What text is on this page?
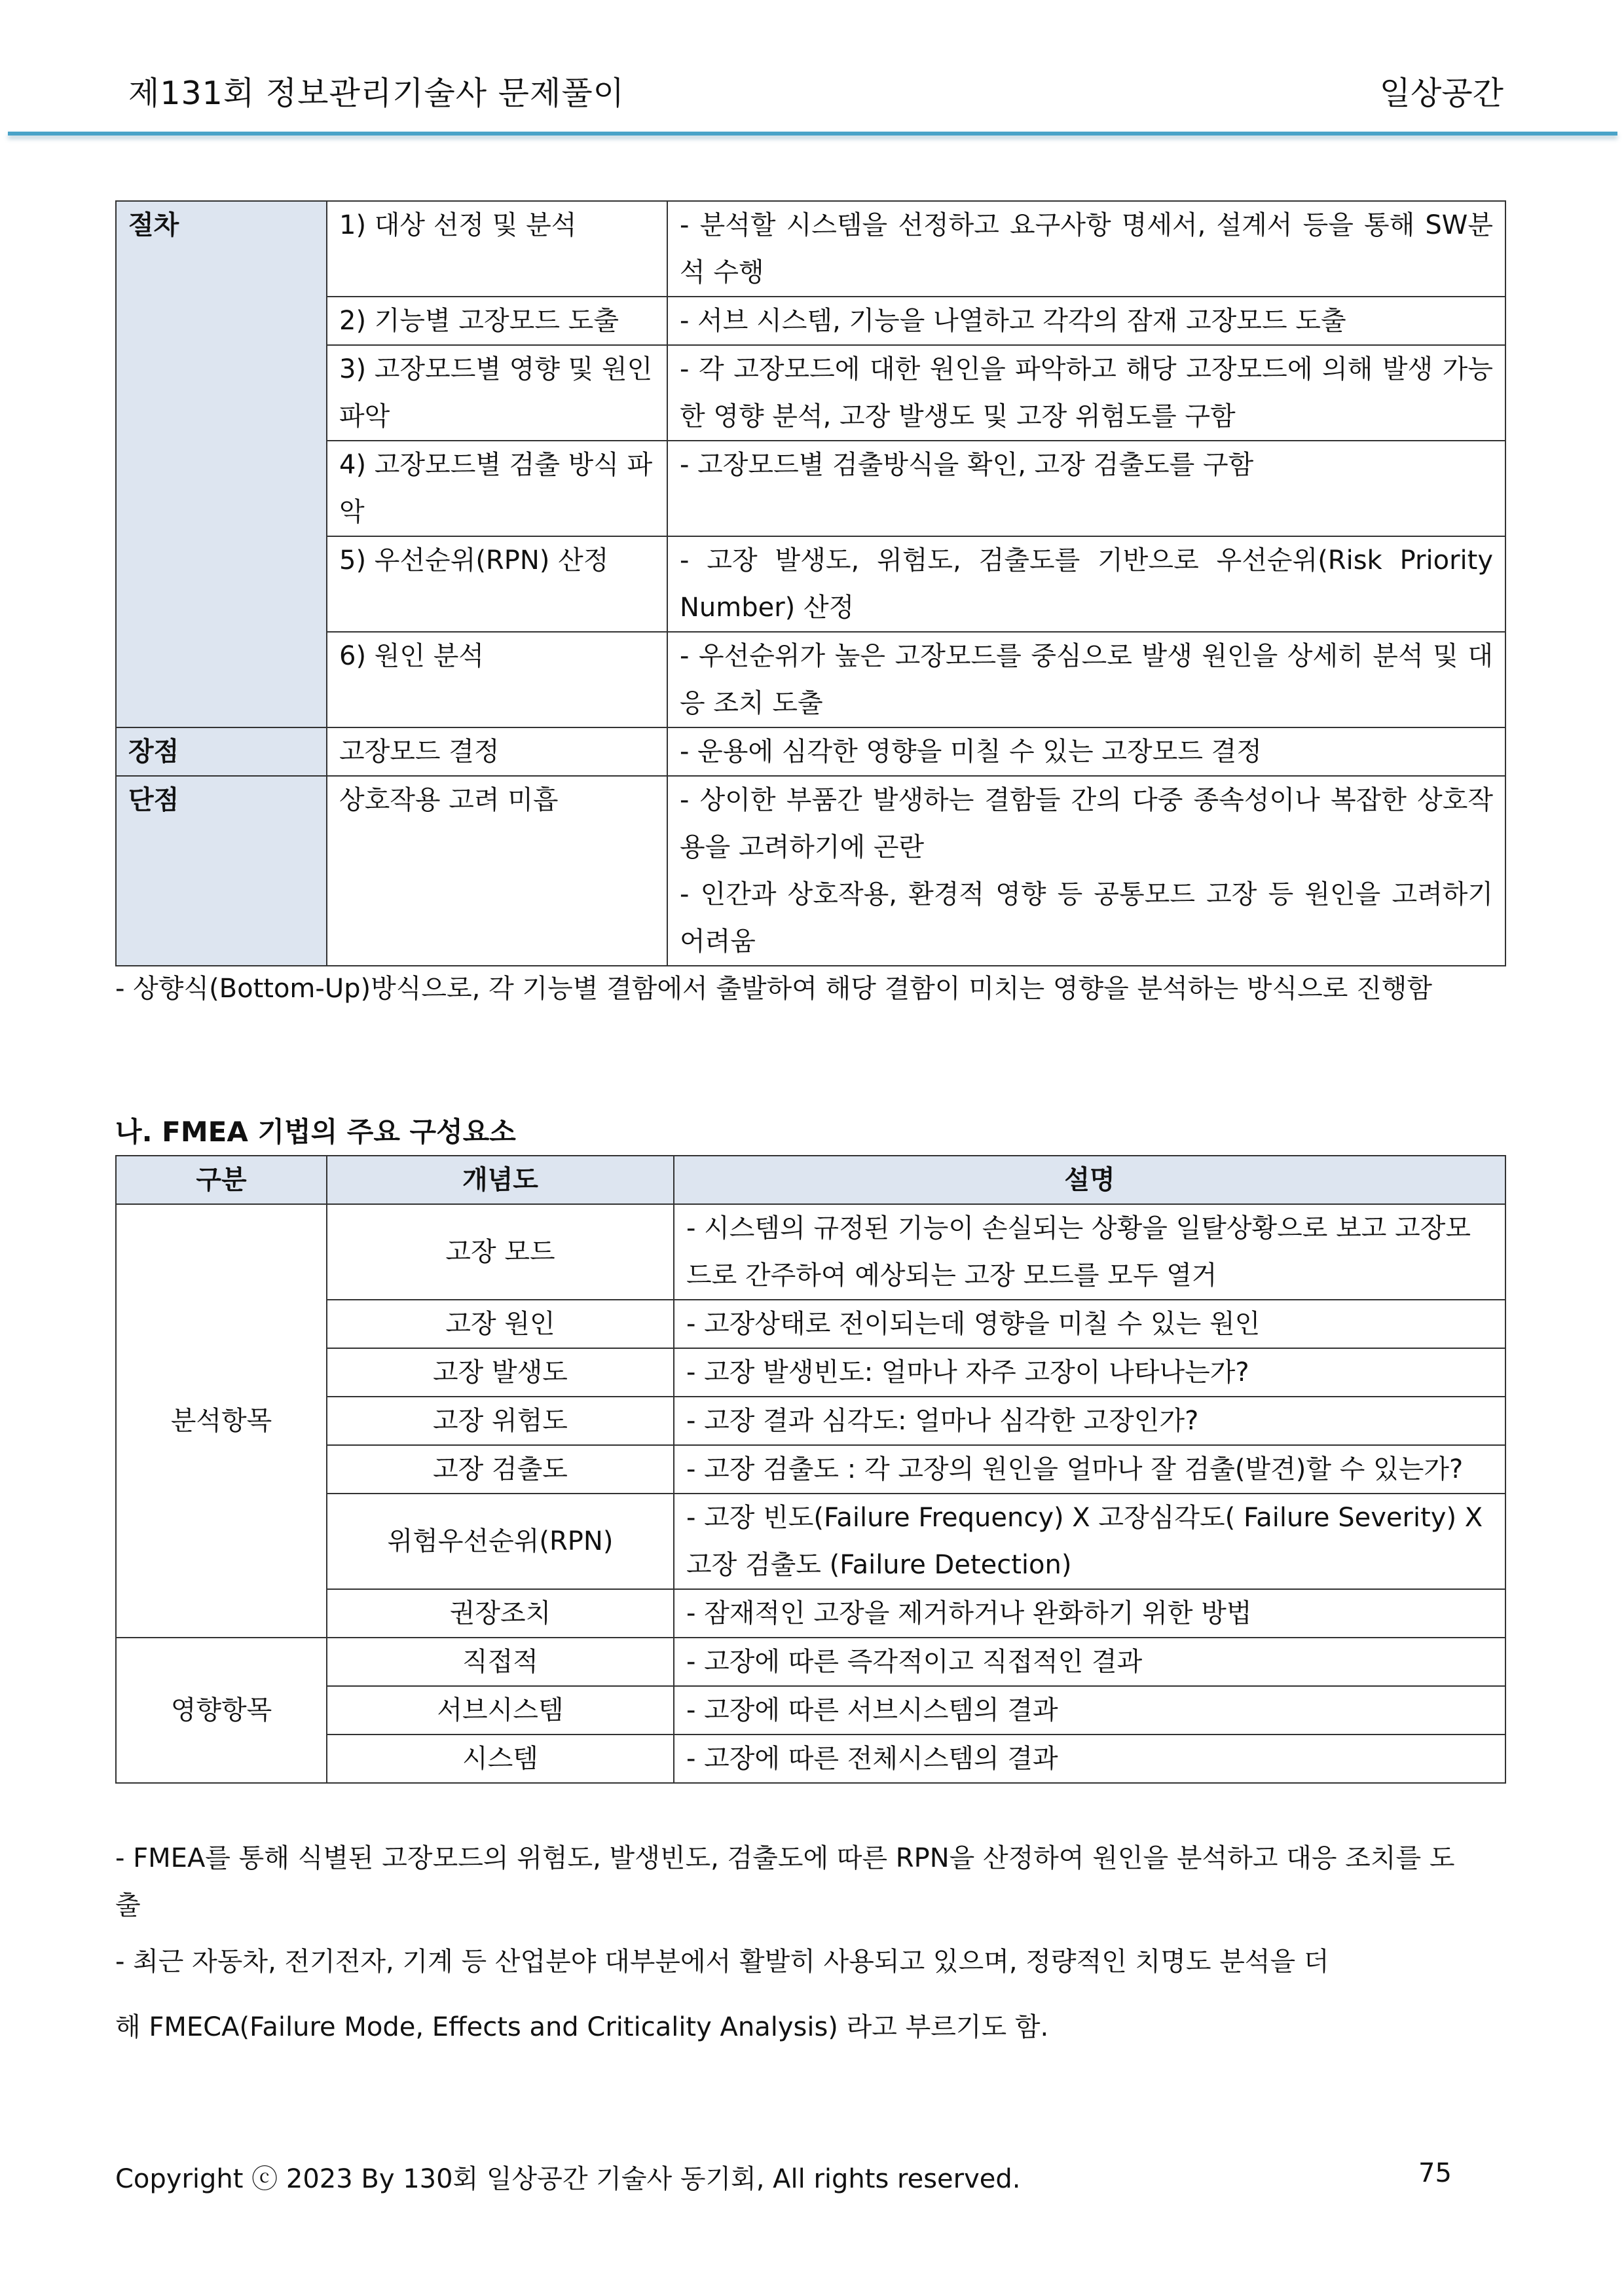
제131회 정보관리기술사 문제풀이	일상공간
절차	1) 대상 선정 및 분석	- 분석할 시스템을 선정하고 요구사항 명세서, 설계서 등을 통해 SW분석 수행
	2) 기능별 고장모드 도출	- 서브 시스템, 기능을 나열하고 각각의 잠재 고장모드 도출
	3) 고장모드별 영향 및 원인 파악	- 각 고장모드에 대한 원인을 파악하고 해당 고장모드에 의해 발생 가능한 영향 분석, 고장 발생도 및 고장 위험도를 구함
	4) 고장모드별 검출 방식 파악	- 고장모드별 검출방식을 확인, 고장 검출도를 구함
	5) 우선순위(RPN) 산정	- 고장 발생도, 위험도, 검출도를 기반으로 우선순위(Risk Priority Number) 산정
	6) 원인 분석	- 우선순위가 높은 고장모드를 중심으로 발생 원인을 상세히 분석 및 대응 조치 도출
장점	고장모드 결정	- 운용에 심각한 영향을 미칠 수 있는 고장모드 결정
단점	상호작용 고려 미흡	- 상이한 부품간 발생하는 결함들 간의 다중 종속성이나 복잡한 상호작용을 고려하기에 곤란
- 인간과 상호작용, 환경적 영향 등 공통모드 고장 등 원인을 고려하기 어려움
- 상향식(Bottom-Up)방식으로, 각 기능별 결함에서 출발하여 해당 결함이 미치는 영향을 분석하는 방식으로 진행함
나. FMEA 기법의 주요 구성요소
구분	개념도	설명
분석항목	고장 모드	- 시스템의 규정된 기능이 손실되는 상황을 일탈상황으로 보고 고장모드로 간주하여 예상되는 고장 모드를 모두 열거
	고장 원인	- 고장상태로 전이되는데 영향을 미칠 수 있는 원인
	고장 발생도	- 고장 발생빈도: 얼마나 자주 고장이 나타나는가?
	고장 위험도	- 고장 결과 심각도: 얼마나 심각한 고장인가?
	고장 검출도	- 고장 검출도 : 각 고장의 원인을 얼마나 잘 검출(발견)할 수 있는가?
	위험우선순위(RPN)	- 고장 빈도(Failure Frequency) X 고장심각도( Failure Severity) X 고장 검출도 (Failure Detection)
	권장조치	- 잠재적인 고장을 제거하거나 완화하기 위한 방법
영향항목	직접적	- 고장에 따른 즉각적이고 직접적인 결과
	서브시스템	- 고장에 따른 서브시스템의 결과
	시스템	- 고장에 따른 전체시스템의 결과
- FMEA를 통해 식별된 고장모드의 위험도, 발생빈도, 검출도에 따른 RPN을 산정하여 원인을 분석하고 대응 조치를 도출
- 최근 자동차, 전기전자, 기계 등 산업분야 대부분에서 활발히 사용되고 있으며, 정량적인 치명도 분석을 더
해 FMECA(Failure Mode, Effects and Criticality Analysis) 라고 부르기도 함.
Copyright ⓒ 2023 By 130회 일상공간 기술사 동기회, All rights reserved.	75
